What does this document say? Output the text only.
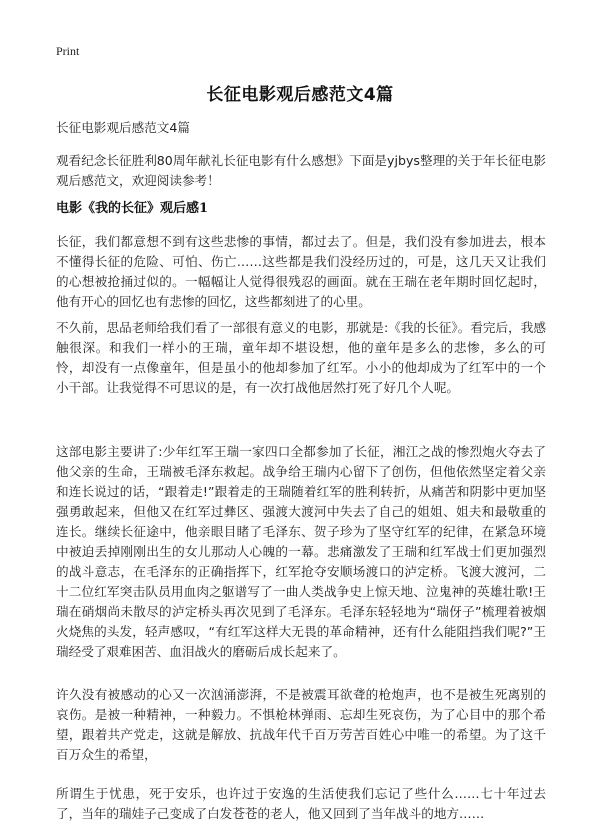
Print
长征电影观后感范文4篇

长征电影观后感范文4篇

观看纪念长征胜利80周年献礼长征电影有什么感想》下面是yjbys整理的关于年长征电影观后感范文，欢迎阅读参考！

电影《我的长征》观后感1

长征，我们都意想不到有这些悲惨的事情，都过去了。但是，我们没有参加进去，根本不懂得长征的危险、可怕、伤亡……这些都是我们没经历过的，可是，这几天又让我们的心想被抢捅过似的。一幅幅让人觉得很残忍的画面。就在王瑞在老年期时回忆起时，他有开心的回忆也有悲惨的回忆，这些都刻进了的心里。

不久前，思品老师给我们看了一部很有意义的电影，那就是:《我的长征》。看完后，我感触很深。和我们一样小的王瑞，童年却不堪设想，他的童年是多么的悲惨，多么的可怜，却没有一点像童年，但是虽小的他却参加了红军。小小的他却成为了红军中的一个小干部。让我觉得不可思议的是，有一次打战他居然打死了好几个人呢。

这部电影主要讲了:少年红军王瑞一家四口全都参加了长征，湘江之战的惨烈炮火夺去了他父亲的生命，王瑞被毛泽东救起。战争给王瑞内心留下了创伤，但他依然坚定着父亲和连长说过的话，“跟着走!”跟着走的王瑞随着红军的胜利转折，从痛苦和阴影中更加坚强勇敢起来，但他又在红军过彝区、强渡大渡河中失去了自己的姐姐、姐夫和最敬重的连长。继续长征途中，他亲眼目睹了毛泽东、贺子珍为了坚守红军的纪律，在紧急环境中被迫丢掉刚刚出生的女儿那动人心魄的一幕。悲痛激发了王瑞和红军战士们更加强烈的战斗意志，在毛泽东的正确指挥下，红军抢夺安顺场渡口的泸定桥。飞渡大渡河，二十二位红军突击队员用血肉之躯谱写了一曲人类战争史上惊天地、泣鬼神的英雄壮歌!王瑞在硝烟尚未散尽的泸定桥头再次见到了毛泽东。毛泽东轻轻地为“瑞伢子”梳理着被烟火烧焦的头发，轻声感叹，“有红军这样大无畏的革命精神，还有什么能阻挡我们呢?”王瑞经受了艰难困苦、血泪战火的磨砺后成长起来了。

许久没有被感动的心又一次汹涌澎湃，不是被震耳欲聋的枪炮声，也不是被生死离别的哀伤。是被一种精神，一种毅力。不惧枪林弹雨、忘却生死哀伤，为了心目中的那个希望，跟着共产党走，这就是解放、抗战年代千百万劳苦百姓心中唯一的希望。为了这千百万众生的希望，

所谓生于忧患，死于安乐，也许过于安逸的生活使我们忘记了些什么……七十年过去了，当年的瑞娃子己变成了白发苍苍的老人，他又回到了当年战斗的地方……
